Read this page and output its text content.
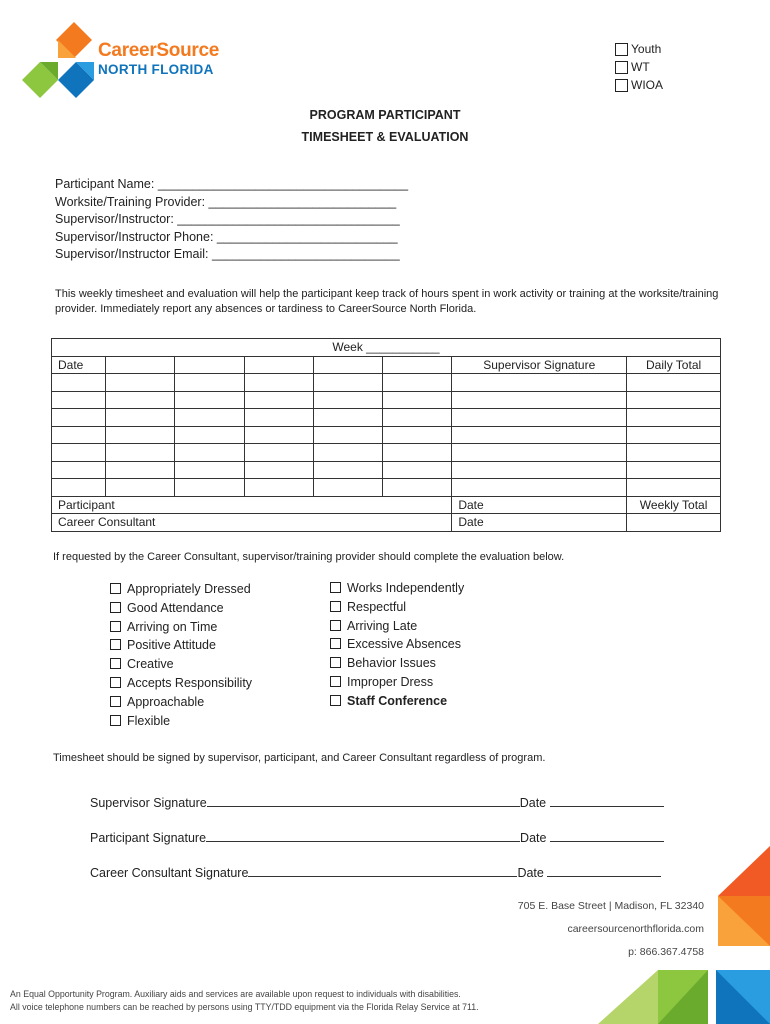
CareerSource
NORTH FLORIDA
Youth
WT
WIOA
PROGRAM PARTICIPANT
TIMESHEET & EVALUATION
Participant Name: ____________________________________
Worksite/Training Provider: ___________________________
Supervisor/Instructor: ________________________________
Supervisor/Instructor Phone: __________________________
Supervisor/Instructor Email: ___________________________
This weekly timesheet and evaluation will help the participant keep track of hours spent in work activity or training at the worksite/training provider. Immediately report any absences or tardiness to CareerSource North Florida.
Week ___________							
Date						Supervisor Signature	Daily Total

Participant						Date	Weekly Total
Career Consultant						Date	
If requested by the Career Consultant, supervisor/training provider should complete the evaluation below.
Appropriately Dressed
Good Attendance
Arriving on Time
Positive Attitude
Creative
Accepts Responsibility
Approachable
Flexible
Works Independently
Respectful
Arriving Late
Excessive Absences
Behavior Issues
Improper Dress
Staff Conference
Timesheet should be signed by supervisor, participant, and Career Consultant regardless of program.
Supervisor Signature	Date
Participant Signature	Date
Career Consultant Signature	Date
705 E. Base Street | Madison, FL 32340
careersourcenorthflorida.com
p: 866.367.4758
An Equal Opportunity Program. Auxiliary aids and services are available upon request to individuals with disabilities.
All voice telephone numbers can be reached by persons using TTY/TDD equipment via the Florida Relay Service at 711.
